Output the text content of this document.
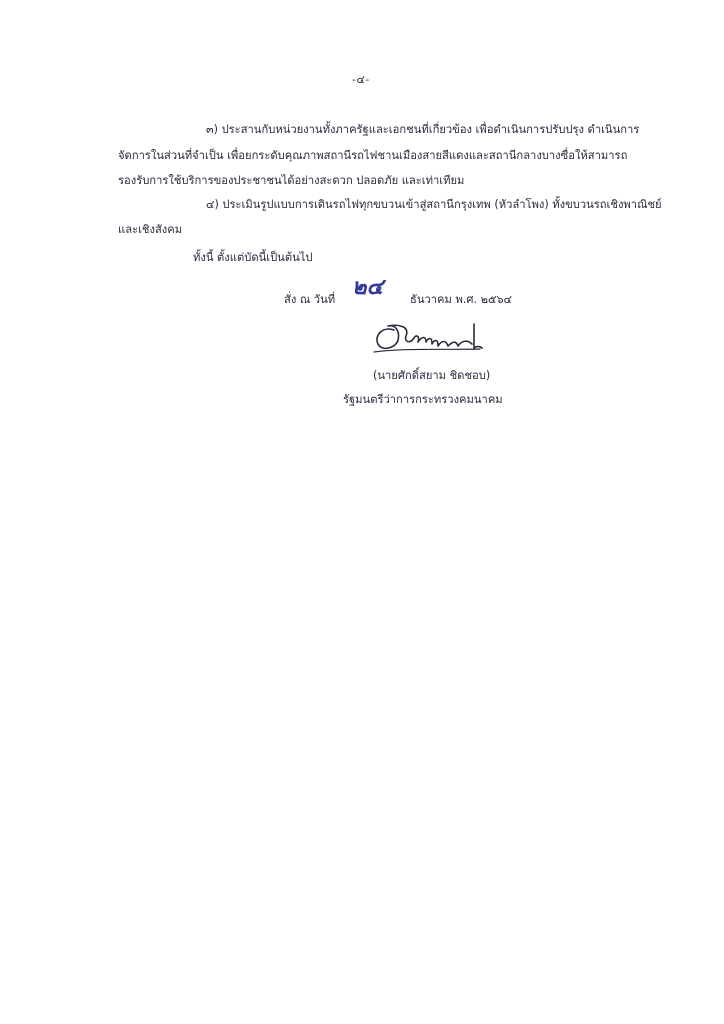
-๔-
๓) ประสานกับหน่วยงานทั้งภาครัฐและเอกชนที่เกี่ยวข้อง เพื่อดำเนินการปรับปรุง ดำเนินการ
จัดการในส่วนที่จำเป็น เพื่อยกระดับคุณภาพสถานีรถไฟชานเมืองสายสีแดงและสถานีกลางบางซื่อให้สามารถ
รองรับการใช้บริการของประชาชนได้อย่างสะดวก ปลอดภัย และเท่าเทียม
๔) ประเมินรูปแบบการเดินรถไฟทุกขบวนเข้าสู่สถานีกรุงเทพ (หัวลำโพง) ทั้งขบวนรถเชิงพาณิชย์
และเชิงสังคม
ทั้งนี้ ตั้งแต่บัดนี้เป็นต้นไป
สั่ง ณ วันที่ ๒๔ ธันวาคม พ.ศ. ๒๕๖๔
(นายศักดิ์สยาม ชิดชอบ)
รัฐมนตรีว่าการกระทรวงคมนาคม
